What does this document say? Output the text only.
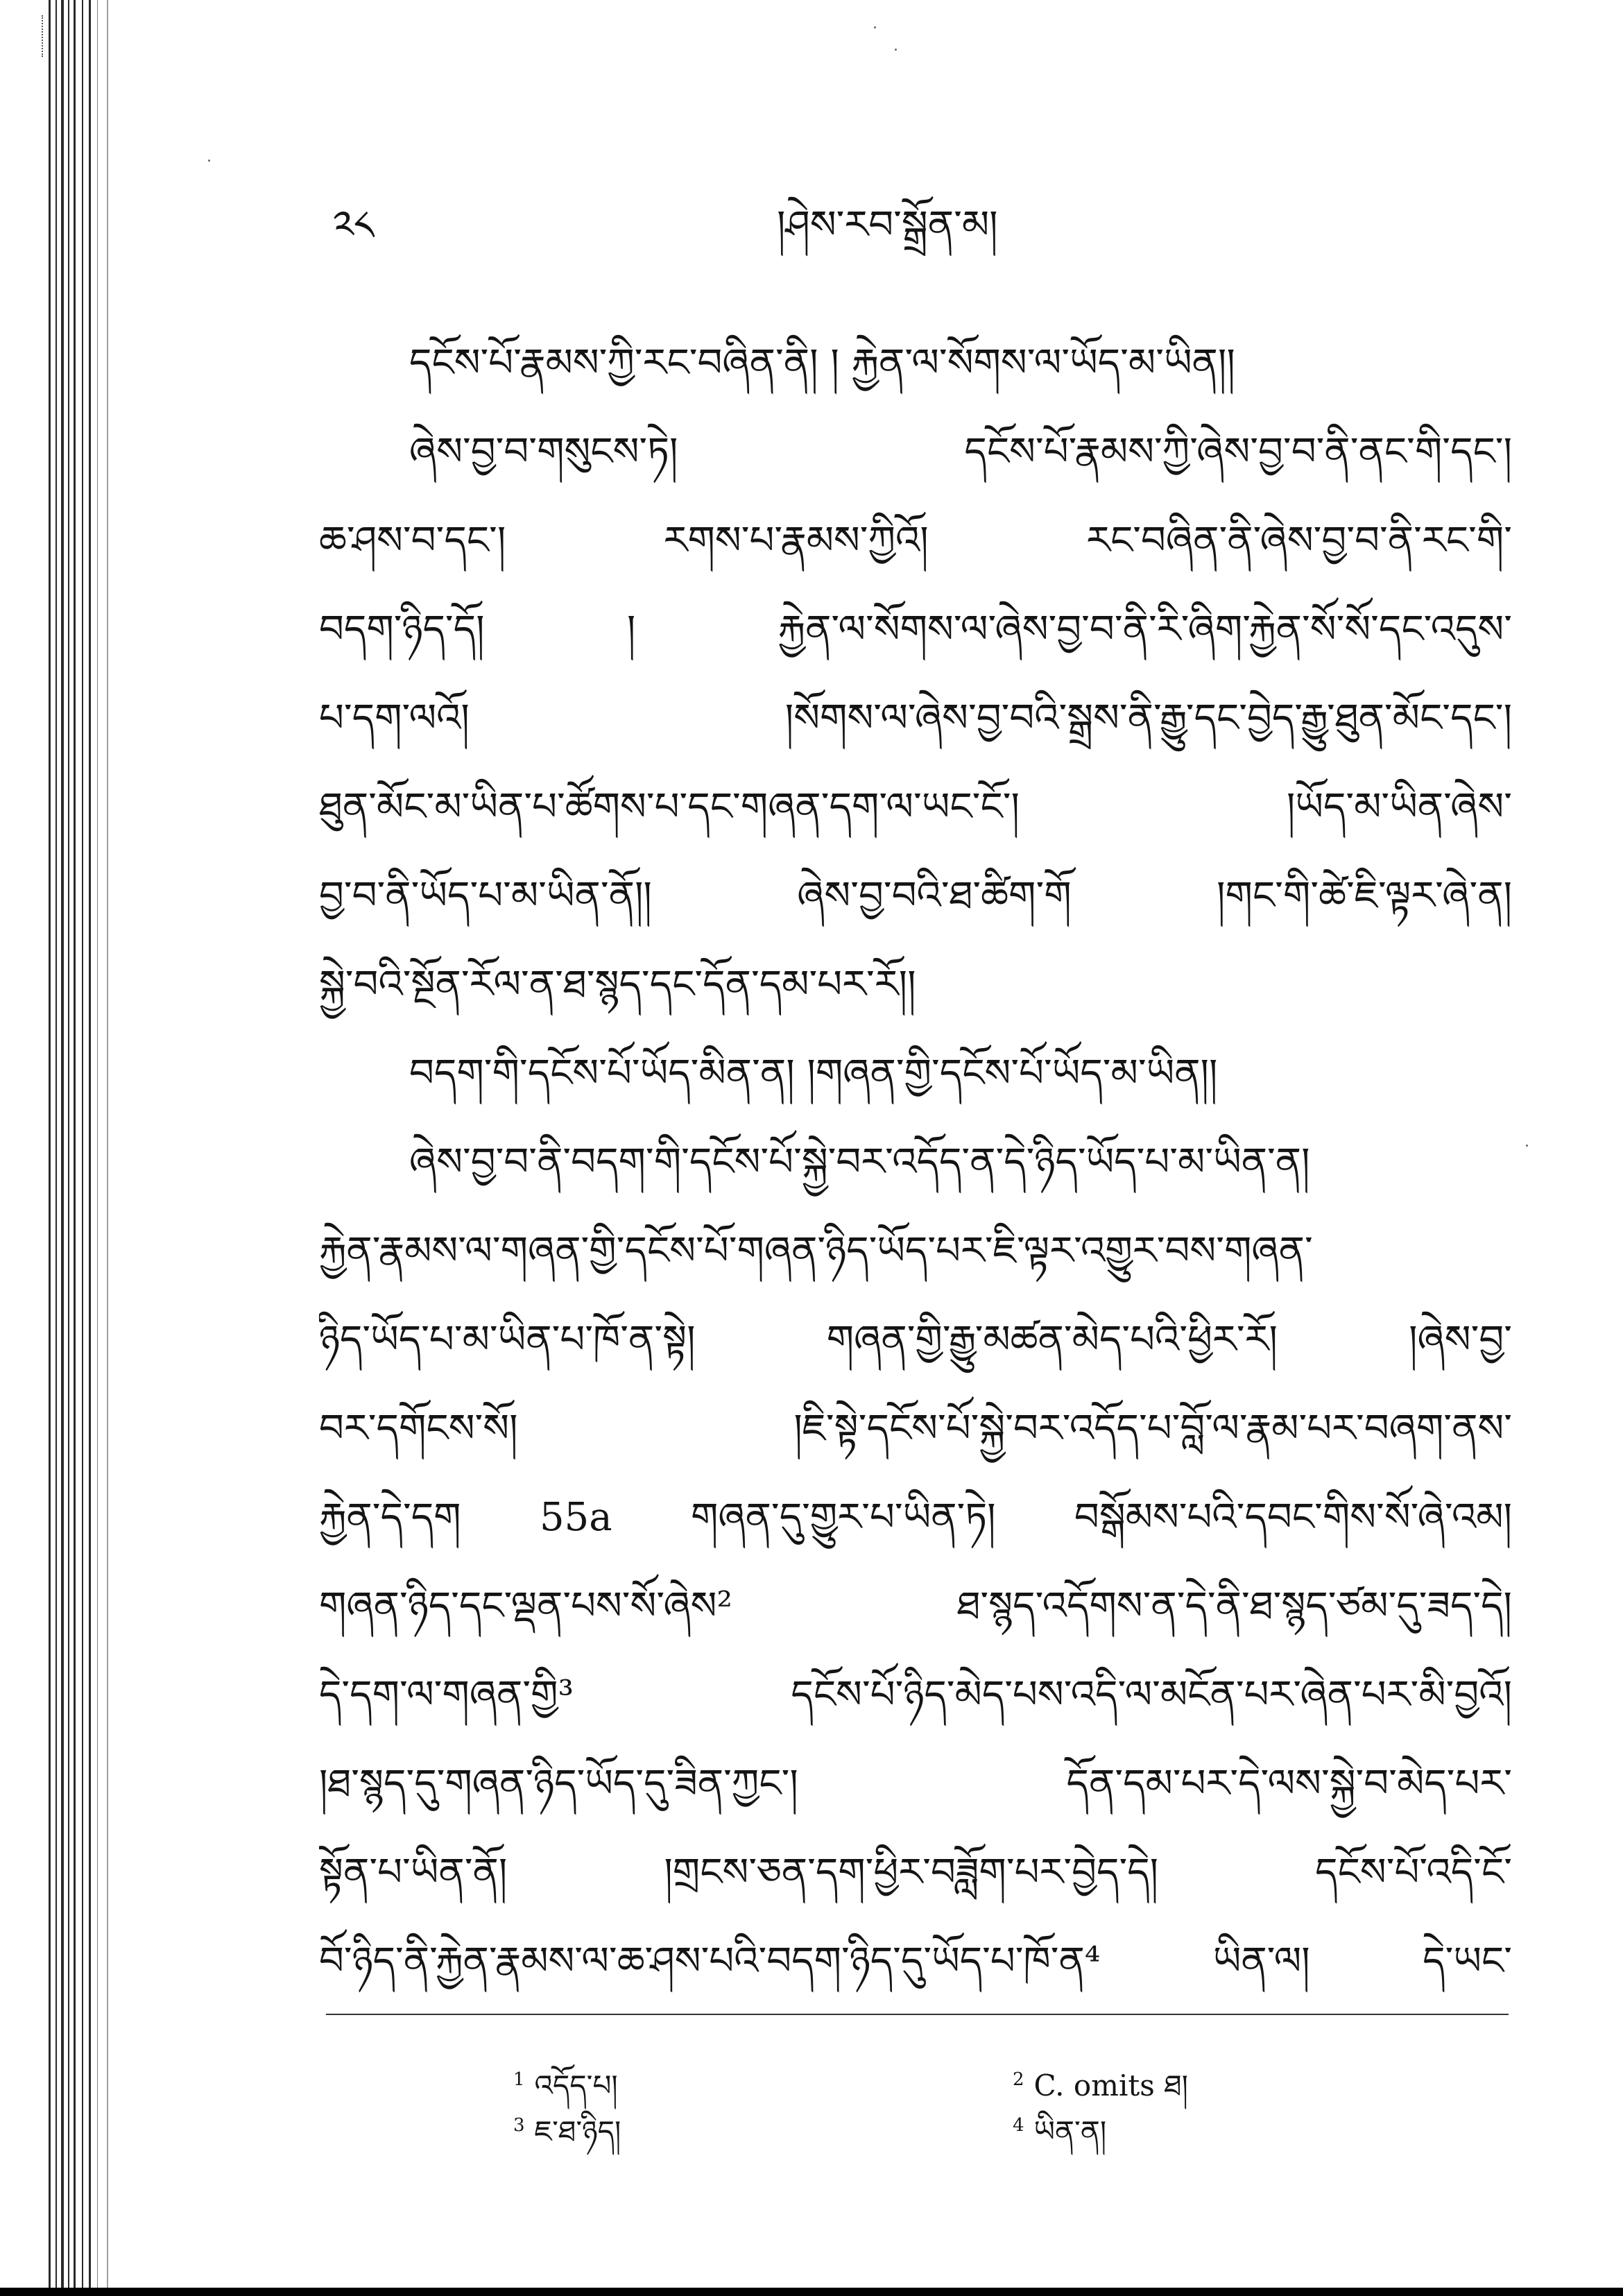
༢༨	།ཤེས་རབ་སྒྲོན་མ།
དངོས་པོ་རྣམས་ཀྱི་རང་བཞིན་ནི། ། རྐྱེན་ལ་སོགས་ལ་ཡོད་མ་ཡིན།།
ཞེས་བྱ་བ་གསུངས་ཏེ། དངོས་པོ་རྣམས་ཀྱི་ཞེས་བྱ་བ་ནི་ནང་གི་དང་།
ཆ་ཤས་བ་དང་། རགས་པ་རྣམས་ཀྱིའོ། རང་བཞིན་ནི་ཞེས་བྱ་བ་ནི་རང་གི་
བདག་ཉིད་དོ། ། རྐྱེན་ལ་སོགས་ལ་ཞེས་བྱ་བ་ནི་རི་ཞིག་རྐྱེན་སོ་སོ་དང་འདུས་
པ་དག་ལའོ། །སོགས་ལ་ཞེས་བྱ་བའི་སྒྲས་ནི་རྒྱུ་དང་བྱེད་རྒྱུ་ཐུན་མོང་དང་།
ཐུན་མོང་མ་ཡིན་པ་ཚོགས་པ་དང་གཞན་དག་ལ་ཡང་ངོ་། །ཡོད་མ་ཡིན་ཞེས་
བྱ་བ་ནི་ཡོད་པ་མ་ཡིན་ནོ།། ཞེས་བྱ་བའི་ཐ་ཚིག་གོ །གང་གི་ཚེ་ཇི་ལྟར་ཞེ་ན།
སྐྱེ་བའི་སྔོན་རོལ་ན་ཐ་སྙད་དང་དོན་དམ་པར་རོ།།
བདག་གི་དངོས་པོ་ཡོད་མིན་ན། །གཞན་གྱི་དངོས་པོ་ཡོད་མ་ཡིན།།
ཞེས་བྱ་བ་ནི་བདག་གི་དངོས་པོ་སྐྱེ་བར་འདོད་ན་དེ་ཉིད་ཡོད་པ་མ་ཡིན་ན།
རྐྱེན་རྣམས་ལ་གཞན་གྱི་དངོས་པོ་གཞན་ཉིད་ཡོད་པར་ཇི་ལྟར་འགྱུར་བས་གཞན་
ཉིད་ཡོད་པ་མ་ཡིན་པ་ཁོ་ན་སྟེ། གཞན་གྱི་རྒྱུ་མཚན་མེད་པའི་ཕྱིར་རོ། །ཞེས་བྱ་
བར་དགོངས་སོ། །ཇི་སྟེ་དངོས་པོ་སྐྱེ་བར་འདོད་པ་བློ་ལ་རྣམ་པར་བཞག་ནས་
རྐྱེན་དེ་དག 55a གཞན་དུ་གྱུར་པ་ཡིན་ཏེ། བསྒོམས་པའི་དབང་གིས་སོ་ཞེ་འམ།
གཞན་ཉིད་དང་ལྡན་པས་སོ་ཞེས² ཐ་སྙད་འདོགས་ན་དེ་ནི་ཐ་སྙད་ཙམ་དུ་ཟད་དེ།
དེ་དག་ལ་གཞན་གྱི³ དངོས་པོ་ཉིད་མེད་པས་འདི་ལ་མངོན་པར་ཞེན་པར་མི་བྱའོ།
།ཐ་སྙད་དུ་གཞན་ཉིད་ཡོད་དུ་ཟིན་ཀྱང་། དོན་དམ་པར་དེ་ལས་སྐྱེ་བ་མེད་པར་
སྟོན་པ་ཡིན་ནོ། །གྲངས་ཅན་དག་ཕྱིར་བཟློག་པར་བྱེད་དེ། དངོས་པོ་འདི་ངོ་
བོ་ཉིད་ནི་རྐྱེན་རྣམས་ལ་ཆ་ཤས་པའི་བདག་ཉིད་དུ་ཡོད་པ་ཁོ་ན⁴ ཡིན་ལ། དེ་ཡང་
$^1$ འདོད་པ།	$^2$ C. omits ཐ།
$^3$ ཇ་ཐ་ཉིད།	$^4$ ཡིན་ན།
